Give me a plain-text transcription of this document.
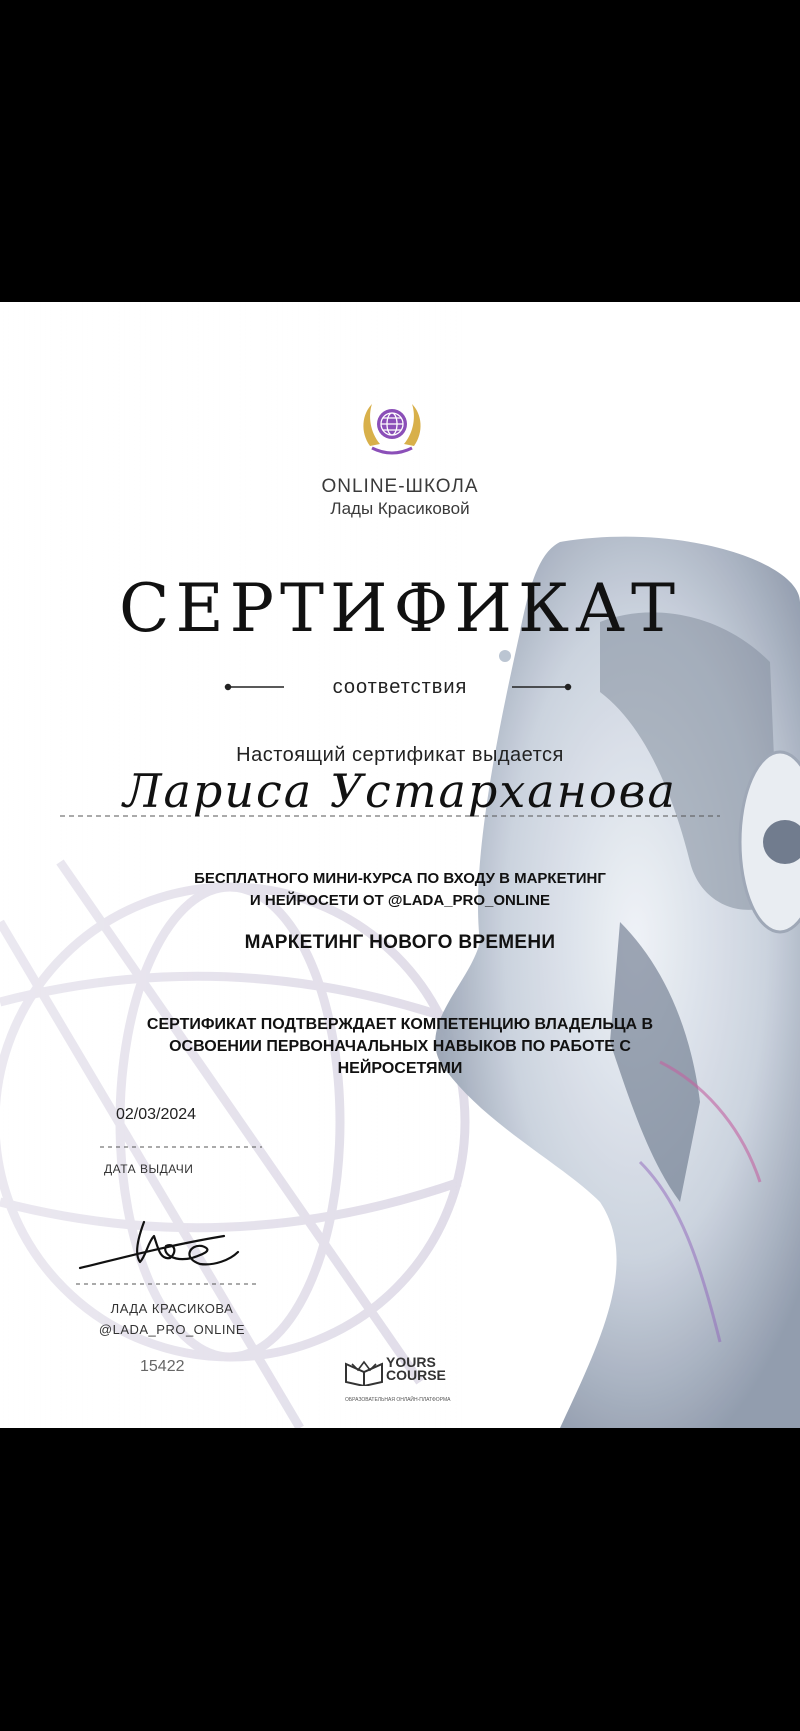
ONLINE-ШКОЛА
Лады Красиковой
СЕРТИФИКАТ
соответствия
Настоящий сертификат выдается
Лариса Устарханова
БЕСПЛАТНОГО МИНИ-КУРСА ПО ВХОДУ В МАРКЕТИНГ
И НЕЙРОСЕТИ ОТ @LADA_PRO_ONLINE
МАРКЕТИНГ НОВОГО ВРЕМЕНИ
СЕРТИФИКАТ ПОДТВЕРЖДАЕТ КОМПЕТЕНЦИЮ ВЛАДЕЛЬЦА В
ОСВОЕНИИ ПЕРВОНАЧАЛЬНЫХ НАВЫКОВ ПО РАБОТЕ С
НЕЙРОСЕТЯМИ
02/03/2024
ДАТА ВЫДАЧИ
ЛАДА КРАСИКОВА
@LADA_PRO_ONLINE
15422	YOURS
COURSE
ОБРАЗОВАТЕЛЬНАЯ ОНЛАЙН-ПЛАТФОРМА
